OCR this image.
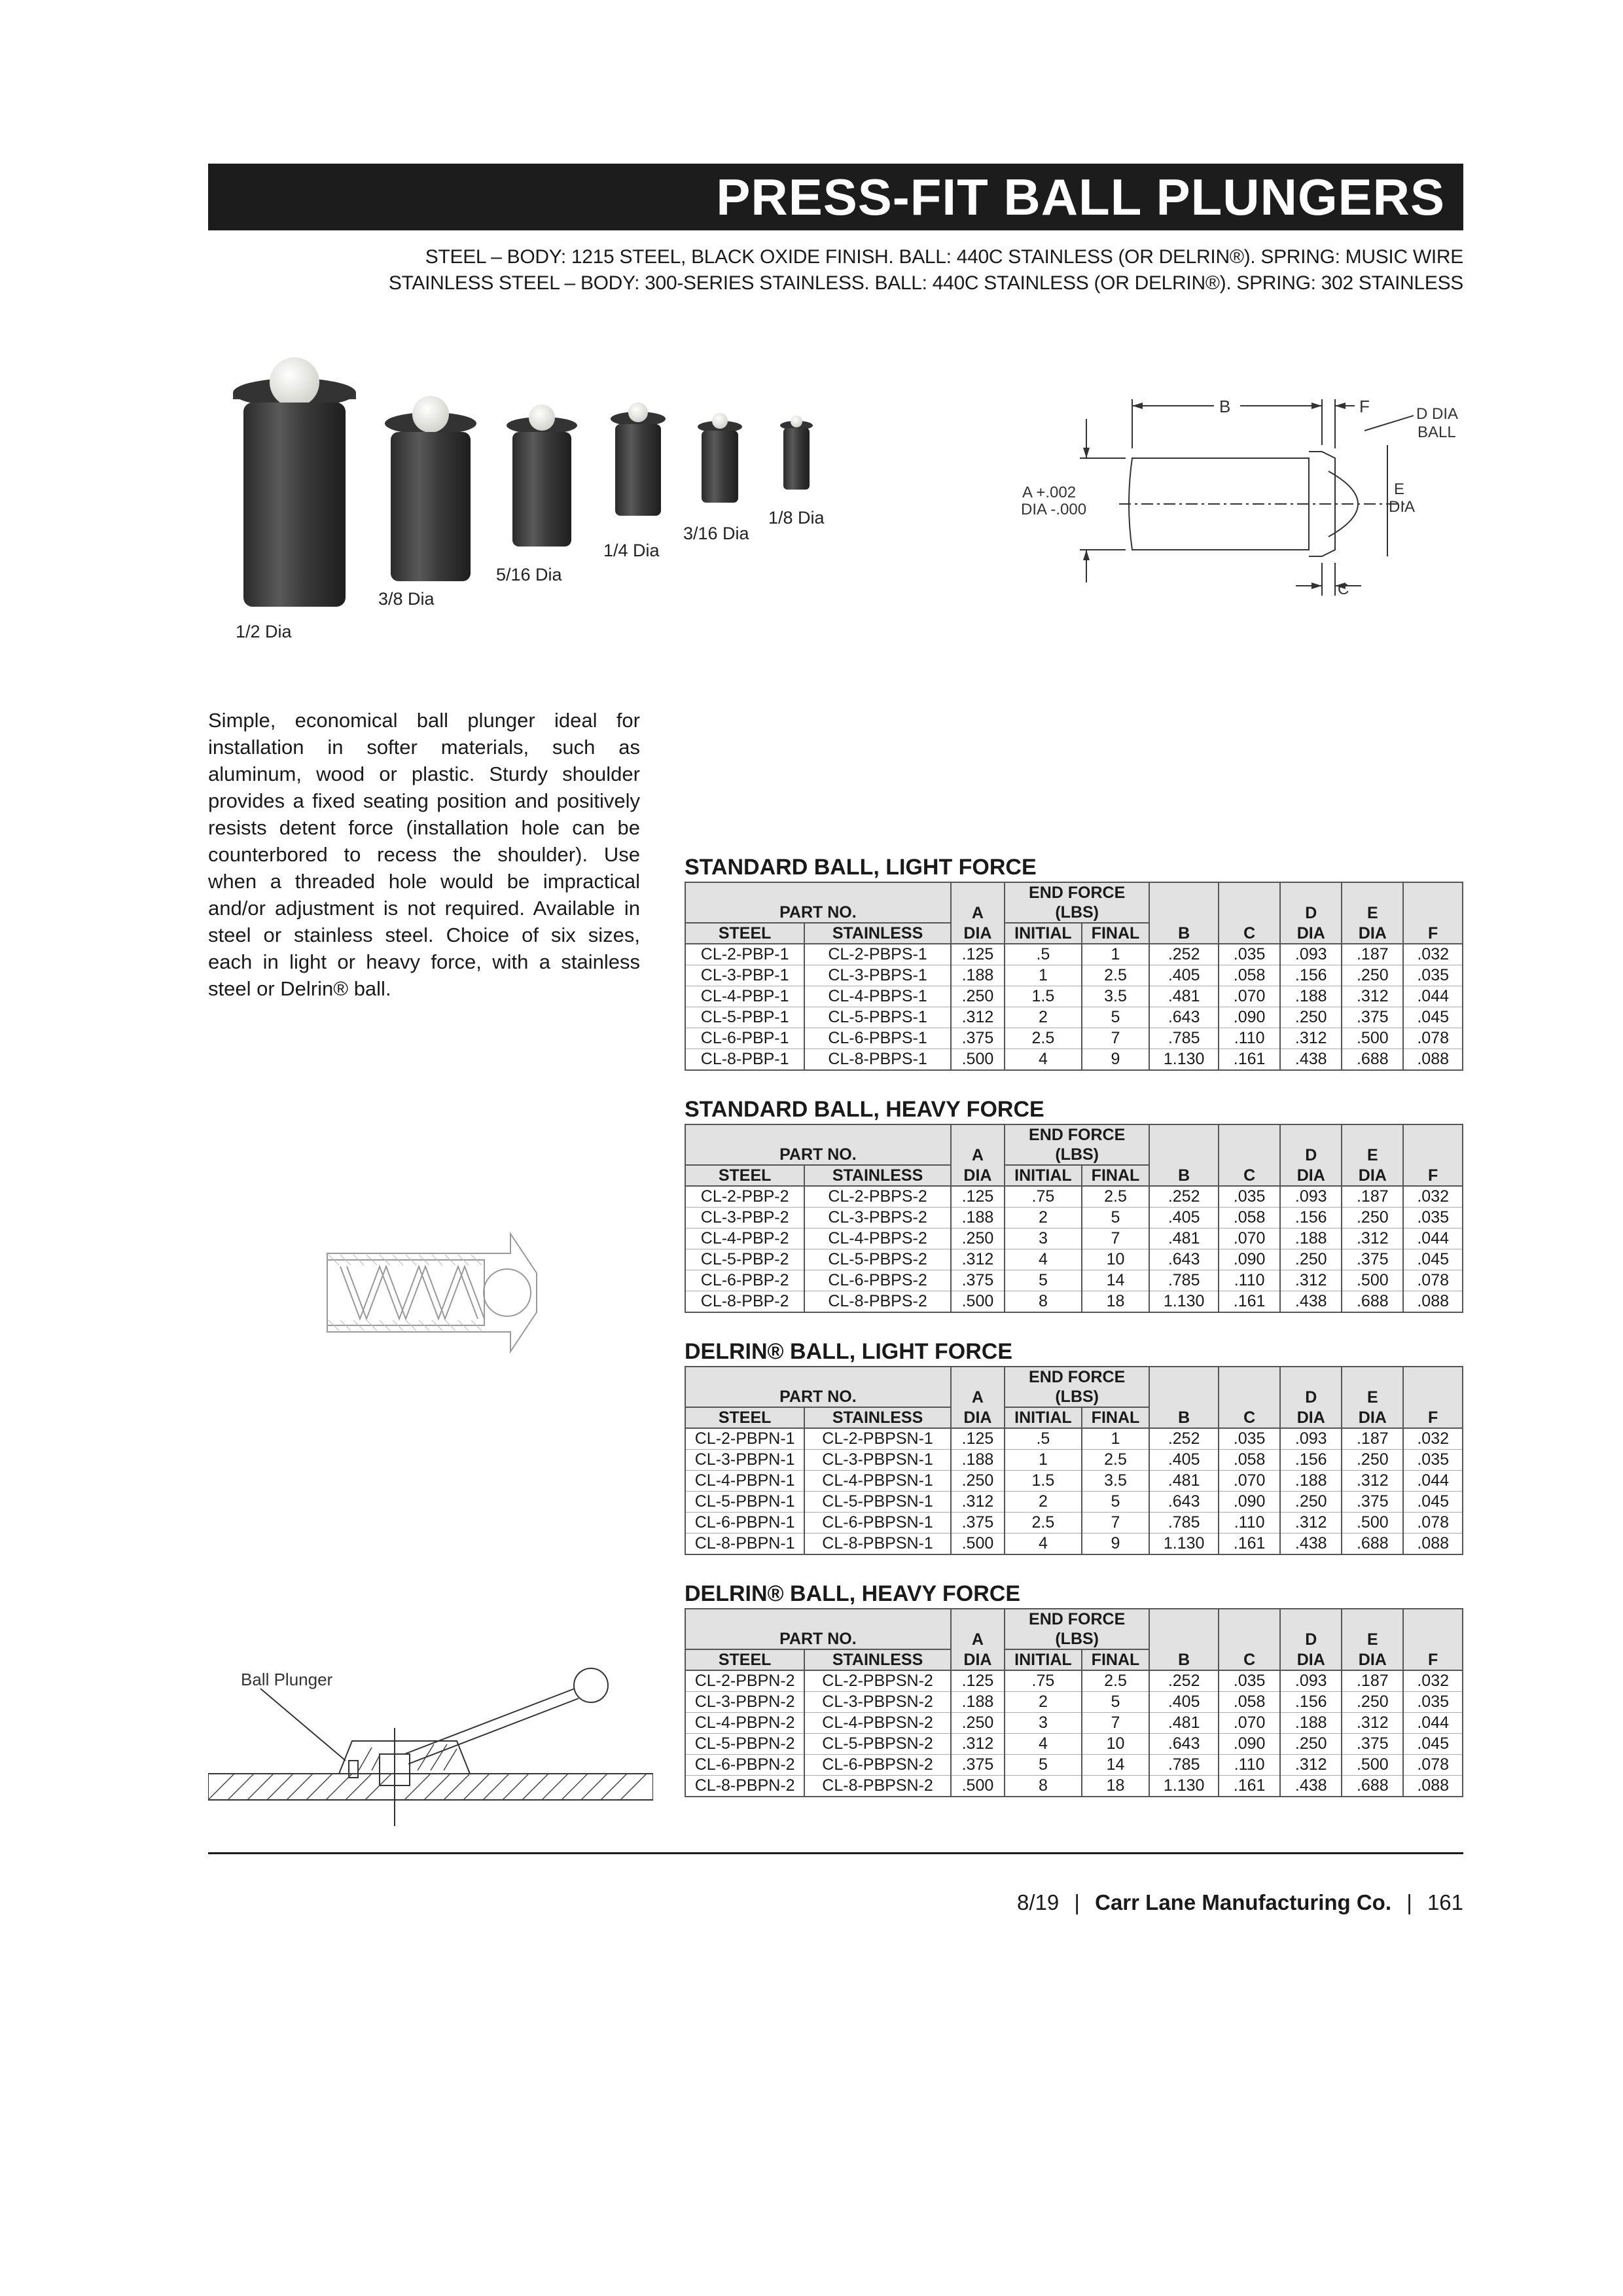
PRESS-FIT BALL PLUNGERS
STEEL – BODY: 1215 STEEL, BLACK OXIDE FINISH. BALL: 440C STAINLESS (OR DELRIN®). SPRING: MUSIC WIRE
STAINLESS STEEL – BODY: 300-SERIES STAINLESS. BALL: 440C STAINLESS (OR DELRIN®). SPRING: 302 STAINLESS
1/2 Dia
3/8 Dia
5/16 Dia
1/4 Dia
3/16 Dia
1/8 Dia
B	F	D DIA
BALL
A +.002
DIA -.000
E
DIA
C
Simple, economical ball plunger ideal for installation in softer materials, such as aluminum, wood or plastic. Sturdy shoulder provides a fixed seating position and positively resists detent force (installation hole can be counterbored to recess the shoulder). Use when a threaded hole would be impractical and/or adjustment is not required. Available in steel or stainless steel. Choice of six sizes, each in light or heavy force, with a stainless steel or Delrin® ball.
Ball Plunger
STANDARD BALL, LIGHT FORCE
			END FORCE						
PART NO.		A	(LBS)				D	E	
STEEL	STAINLESS	DIA	INITIAL	FINAL	B	C	DIA	DIA	F
CL-2-PBP-1	CL-2-PBPS-1	.125	.5	1	.252	.035	.093	.187	.032
CL-3-PBP-1	CL-3-PBPS-1	.188	1	2.5	.405	.058	.156	.250	.035
CL-4-PBP-1	CL-4-PBPS-1	.250	1.5	3.5	.481	.070	.188	.312	.044
CL-5-PBP-1	CL-5-PBPS-1	.312	2	5	.643	.090	.250	.375	.045
CL-6-PBP-1	CL-6-PBPS-1	.375	2.5	7	.785	.110	.312	.500	.078
CL-8-PBP-1	CL-8-PBPS-1	.500	4	9	1.130	.161	.438	.688	.088
STANDARD BALL, HEAVY FORCE
			END FORCE						
PART NO.		A	(LBS)				D	E	
STEEL	STAINLESS	DIA	INITIAL	FINAL	B	C	DIA	DIA	F
CL-2-PBP-2	CL-2-PBPS-2	.125	.75	2.5	.252	.035	.093	.187	.032
CL-3-PBP-2	CL-3-PBPS-2	.188	2	5	.405	.058	.156	.250	.035
CL-4-PBP-2	CL-4-PBPS-2	.250	3	7	.481	.070	.188	.312	.044
CL-5-PBP-2	CL-5-PBPS-2	.312	4	10	.643	.090	.250	.375	.045
CL-6-PBP-2	CL-6-PBPS-2	.375	5	14	.785	.110	.312	.500	.078
CL-8-PBP-2	CL-8-PBPS-2	.500	8	18	1.130	.161	.438	.688	.088
DELRIN® BALL, LIGHT FORCE
			END FORCE						
PART NO.		A	(LBS)				D	E	
STEEL	STAINLESS	DIA	INITIAL	FINAL	B	C	DIA	DIA	F
CL-2-PBPN-1	CL-2-PBPSN-1	.125	.5	1	.252	.035	.093	.187	.032
CL-3-PBPN-1	CL-3-PBPSN-1	.188	1	2.5	.405	.058	.156	.250	.035
CL-4-PBPN-1	CL-4-PBPSN-1	.250	1.5	3.5	.481	.070	.188	.312	.044
CL-5-PBPN-1	CL-5-PBPSN-1	.312	2	5	.643	.090	.250	.375	.045
CL-6-PBPN-1	CL-6-PBPSN-1	.375	2.5	7	.785	.110	.312	.500	.078
CL-8-PBPN-1	CL-8-PBPSN-1	.500	4	9	1.130	.161	.438	.688	.088
DELRIN® BALL, HEAVY FORCE
			END FORCE						
PART NO.		A	(LBS)				D	E	
STEEL	STAINLESS	DIA	INITIAL	FINAL	B	C	DIA	DIA	F
CL-2-PBPN-2	CL-2-PBPSN-2	.125	.75	2.5	.252	.035	.093	.187	.032
CL-3-PBPN-2	CL-3-PBPSN-2	.188	2	5	.405	.058	.156	.250	.035
CL-4-PBPN-2	CL-4-PBPSN-2	.250	3	7	.481	.070	.188	.312	.044
CL-5-PBPN-2	CL-5-PBPSN-2	.312	4	10	.643	.090	.250	.375	.045
CL-6-PBPN-2	CL-6-PBPSN-2	.375	5	14	.785	.110	.312	.500	.078
CL-8-PBPN-2	CL-8-PBPSN-2	.500	8	18	1.130	.161	.438	.688	.088
8/19 | Carr Lane Manufacturing Co. | 161
